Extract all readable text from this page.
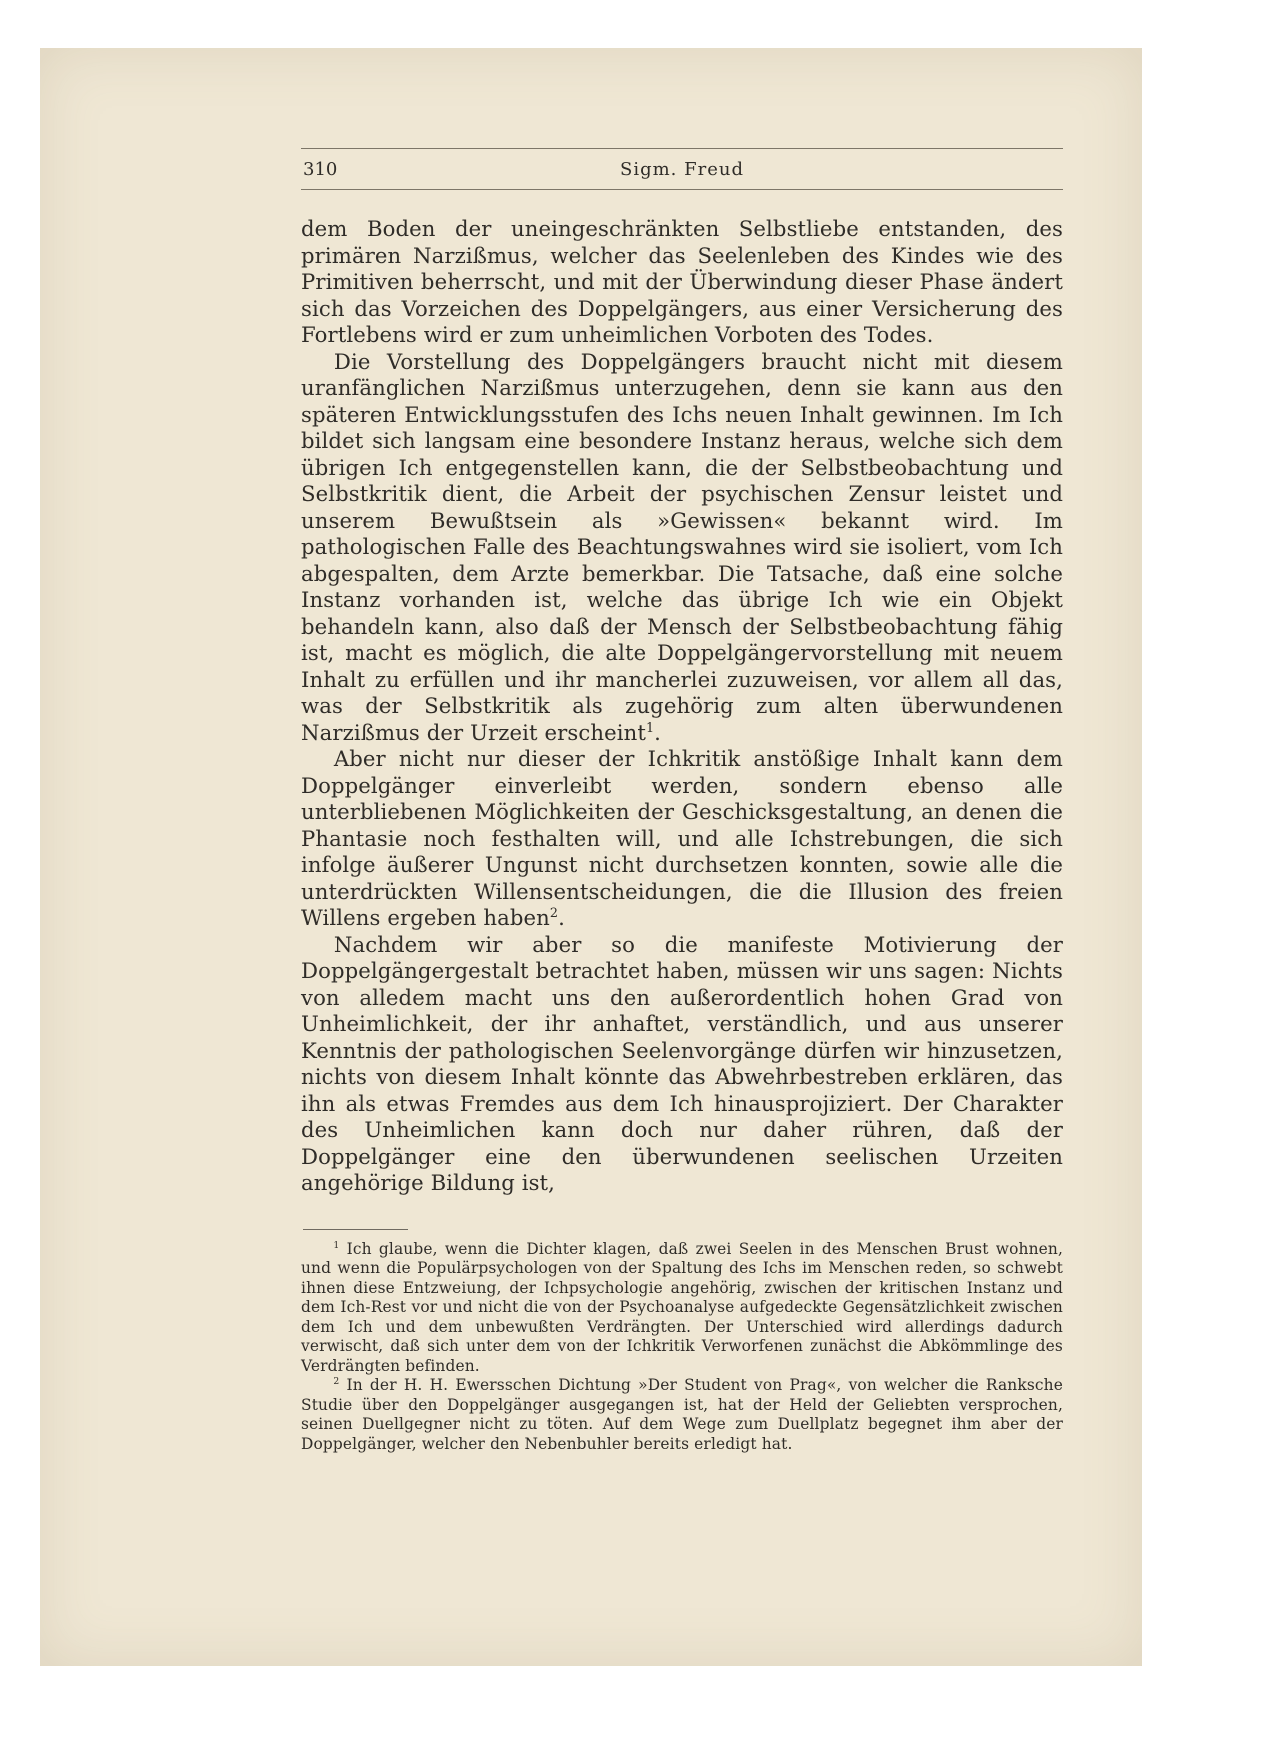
310	Sigm. Freud

dem Boden der uneingeschränkten Selbstliebe entstanden, des primären Narzißmus, welcher das Seelenleben des Kindes wie des Primitiven beherrscht, und mit der Überwindung dieser Phase ändert sich das Vorzeichen des Doppelgängers, aus einer Versicherung des Fortlebens wird er zum unheimlichen Vorboten des Todes.

Die Vorstellung des Doppelgängers braucht nicht mit diesem uranfänglichen Narzißmus unterzugehen, denn sie kann aus den späteren Entwicklungsstufen des Ichs neuen Inhalt gewinnen. Im Ich bildet sich langsam eine besondere Instanz heraus, welche sich dem übrigen Ich entgegenstellen kann, die der Selbstbeobachtung und Selbstkritik dient, die Arbeit der psychischen Zensur leistet und unserem Bewußtsein als »Gewissen« bekannt wird. Im pathologischen Falle des Beachtungswahnes wird sie isoliert, vom Ich abgespalten, dem Arzte bemerkbar. Die Tatsache, daß eine solche Instanz vorhanden ist, welche das übrige Ich wie ein Objekt behandeln kann, also daß der Mensch der Selbstbeobachtung fähig ist, macht es möglich, die alte Doppelgängervorstellung mit neuem Inhalt zu erfüllen und ihr mancherlei zuzuweisen, vor allem all das, was der Selbstkritik als zugehörig zum alten überwundenen Narzißmus der Urzeit erscheint$^1$.

Aber nicht nur dieser der Ichkritik anstößige Inhalt kann dem Doppelgänger einverleibt werden, sondern ebenso alle unterbliebenen Möglichkeiten der Geschicksgestaltung, an denen die Phantasie noch festhalten will, und alle Ichstrebungen, die sich infolge äußerer Ungunst nicht durchsetzen konnten, sowie alle die unterdrückten Willensentscheidungen, die die Illusion des freien Willens ergeben haben$^2$.

Nachdem wir aber so die manifeste Motivierung der Doppelgängergestalt betrachtet haben, müssen wir uns sagen: Nichts von alledem macht uns den außerordentlich hohen Grad von Unheimlichkeit, der ihr anhaftet, verständlich, und aus unserer Kenntnis der pathologischen Seelenvorgänge dürfen wir hinzusetzen, nichts von diesem Inhalt könnte das Abwehrbestreben erklären, das ihn als etwas Fremdes aus dem Ich hinausprojiziert. Der Charakter des Unheimlichen kann doch nur daher rühren, daß der Doppelgänger eine den überwundenen seelischen Urzeiten angehörige Bildung ist,

$^1$ Ich glaube, wenn die Dichter klagen, daß zwei Seelen in des Menschen Brust wohnen, und wenn die Populärpsychologen von der Spaltung des Ichs im Menschen reden, so schwebt ihnen diese Entzweiung, der Ichpsychologie angehörig, zwischen der kritischen Instanz und dem Ich-Rest vor und nicht die von der Psychoanalyse aufgedeckte Gegensätzlichkeit zwischen dem Ich und dem unbewußten Verdrängten. Der Unterschied wird allerdings dadurch verwischt, daß sich unter dem von der Ichkritik Verworfenen zunächst die Abkömmlinge des Verdrängten befinden.

$^2$ In der H. H. Ewersschen Dichtung »Der Student von Prag«, von welcher die Ranksche Studie über den Doppelgänger ausgegangen ist, hat der Held der Geliebten versprochen, seinen Duellgegner nicht zu töten. Auf dem Wege zum Duellplatz begegnet ihm aber der Doppelgänger, welcher den Nebenbuhler bereits erledigt hat.
